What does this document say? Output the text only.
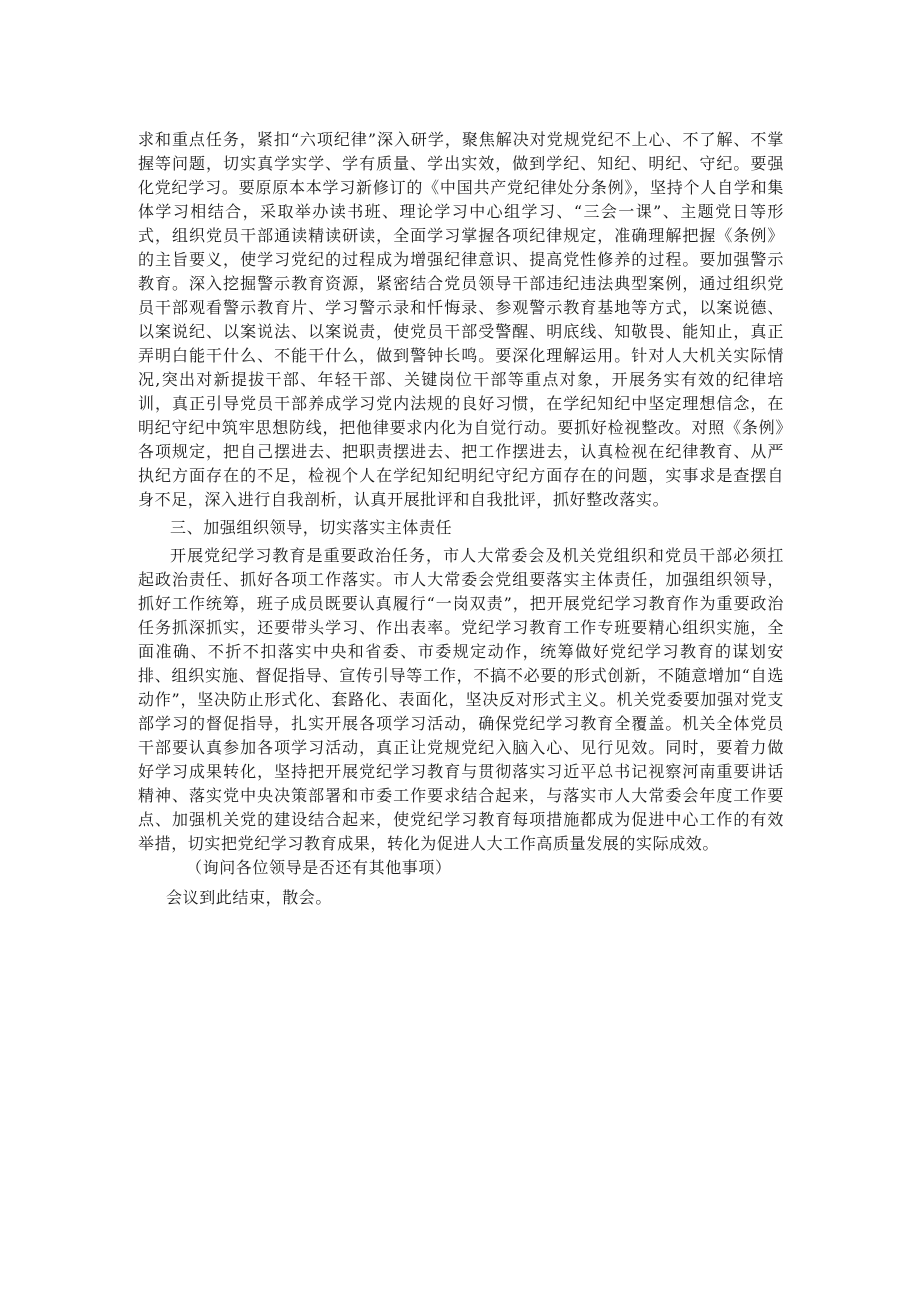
求和重点任务，紧扣“六项纪律”深入研学，聚焦解决对党规党纪不上心、不了解、不掌握等问题，切实真学实学、学有质量、学出实效，做到学纪、知纪、明纪、守纪。要强化党纪学习。要原原本本学习新修订的《中国共产党纪律处分条例》，坚持个人自学和集体学习相结合，采取举办读书班、理论学习中心组学习、“三会一课”、主题党日等形式，组织党员干部通读精读研读，全面学习掌握各项纪律规定，准确理解把握《条例》的主旨要义，使学习党纪的过程成为增强纪律意识、提高党性修养的过程。要加强警示教育。深入挖掘警示教育资源，紧密结合党员领导干部违纪违法典型案例，通过组织党员干部观看警示教育片、学习警示录和忏悔录、参观警示教育基地等方式，以案说德、以案说纪、以案说法、以案说责，使党员干部受警醒、明底线、知敬畏、能知止，真正弄明白能干什么、不能干什么，做到警钟长鸣。要深化理解运用。针对人大机关实际情况,突出对新提拔干部、年轻干部、关键岗位干部等重点对象，开展务实有效的纪律培训，真正引导党员干部养成学习党内法规的良好习惯，在学纪知纪中坚定理想信念，在明纪守纪中筑牢思想防线，把他律要求内化为自觉行动。要抓好检视整改。对照《条例》各项规定，把自己摆进去、把职责摆进去、把工作摆进去，认真检视在纪律教育、从严执纪方面存在的不足，检视个人在学纪知纪明纪守纪方面存在的问题，实事求是查摆自身不足，深入进行自我剖析，认真开展批评和自我批评，抓好整改落实。

三、加强组织领导，切实落实主体责任

开展党纪学习教育是重要政治任务，市人大常委会及机关党组织和党员干部必须扛起政治责任、抓好各项工作落实。市人大常委会党组要落实主体责任，加强组织领导，抓好工作统筹，班子成员既要认真履行“一岗双责”，把开展党纪学习教育作为重要政治任务抓深抓实，还要带头学习、作出表率。党纪学习教育工作专班要精心组织实施，全面准确、不折不扣落实中央和省委、市委规定动作，统筹做好党纪学习教育的谋划安排、组织实施、督促指导、宣传引导等工作，不搞不必要的形式创新，不随意增加“自选动作”，坚决防止形式化、套路化、表面化，坚决反对形式主义。机关党委要加强对党支部学习的督促指导，扎实开展各项学习活动，确保党纪学习教育全覆盖。机关全体党员干部要认真参加各项学习活动，真正让党规党纪入脑入心、见行见效。同时，要着力做好学习成果转化，坚持把开展党纪学习教育与贯彻落实习近平总书记视察河南重要讲话精神、落实党中央决策部署和市委工作要求结合起来，与落实市人大常委会年度工作要点、加强机关党的建设结合起来，使党纪学习教育每项措施都成为促进中心工作的有效举措，切实把党纪学习教育成果，转化为促进人大工作高质量发展的实际成效。

（询问各位领导是否还有其他事项）

会议到此结束，散会。
